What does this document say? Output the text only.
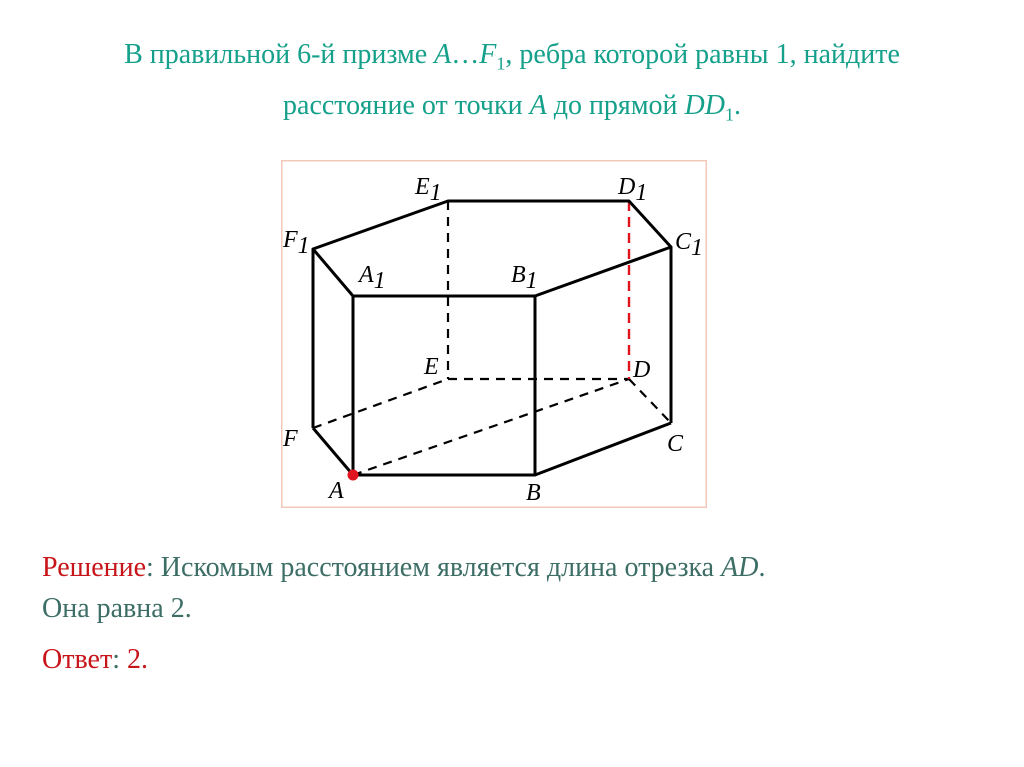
В правильной 6-й призме $A\dots F_1$, ребра которой равны 1, найдите
расстояние от точки A до прямой $DD_1$.
E1	D1
F1	C1
A1	B1
E	D
F	C
A	B
Решение: Искомым расстоянием является длина отрезка AD.
Она равна 2.
Ответ: 2.
